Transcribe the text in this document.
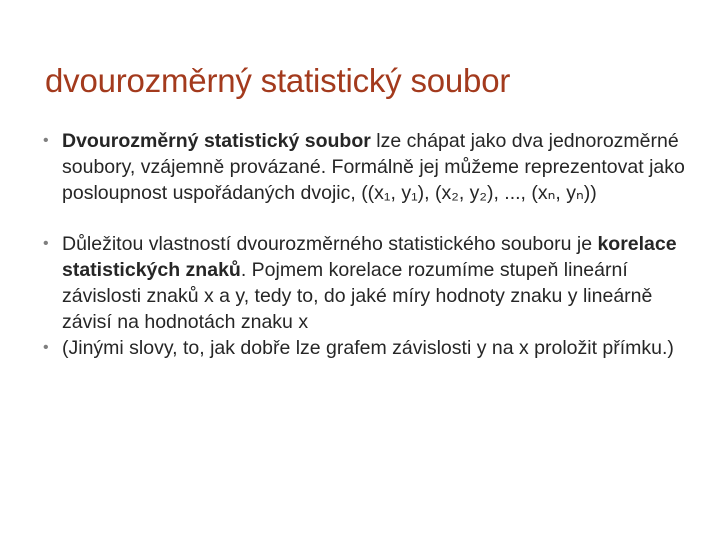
dvourozměrný statistický soubor
• Dvourozměrný statistický soubor lze chápat jako dva jednorozměrné soubory, vzájemně provázané. Formálně jej můžeme reprezentovat jako posloupnost uspořádaných dvojic, ((x₁, y₁), (x₂, y₂), ..., (xₙ, yₙ))
• Důležitou vlastností dvourozměrného statistického souboru je korelace statistických znaků. Pojmem korelace rozumíme stupeň lineární závislosti znaků x a y, tedy to, do jaké míry hodnoty znaku y lineárně závisí na hodnotách znaku x
• (Jinými slovy, to, jak dobře lze grafem závislosti y na x proložit přímku.)
